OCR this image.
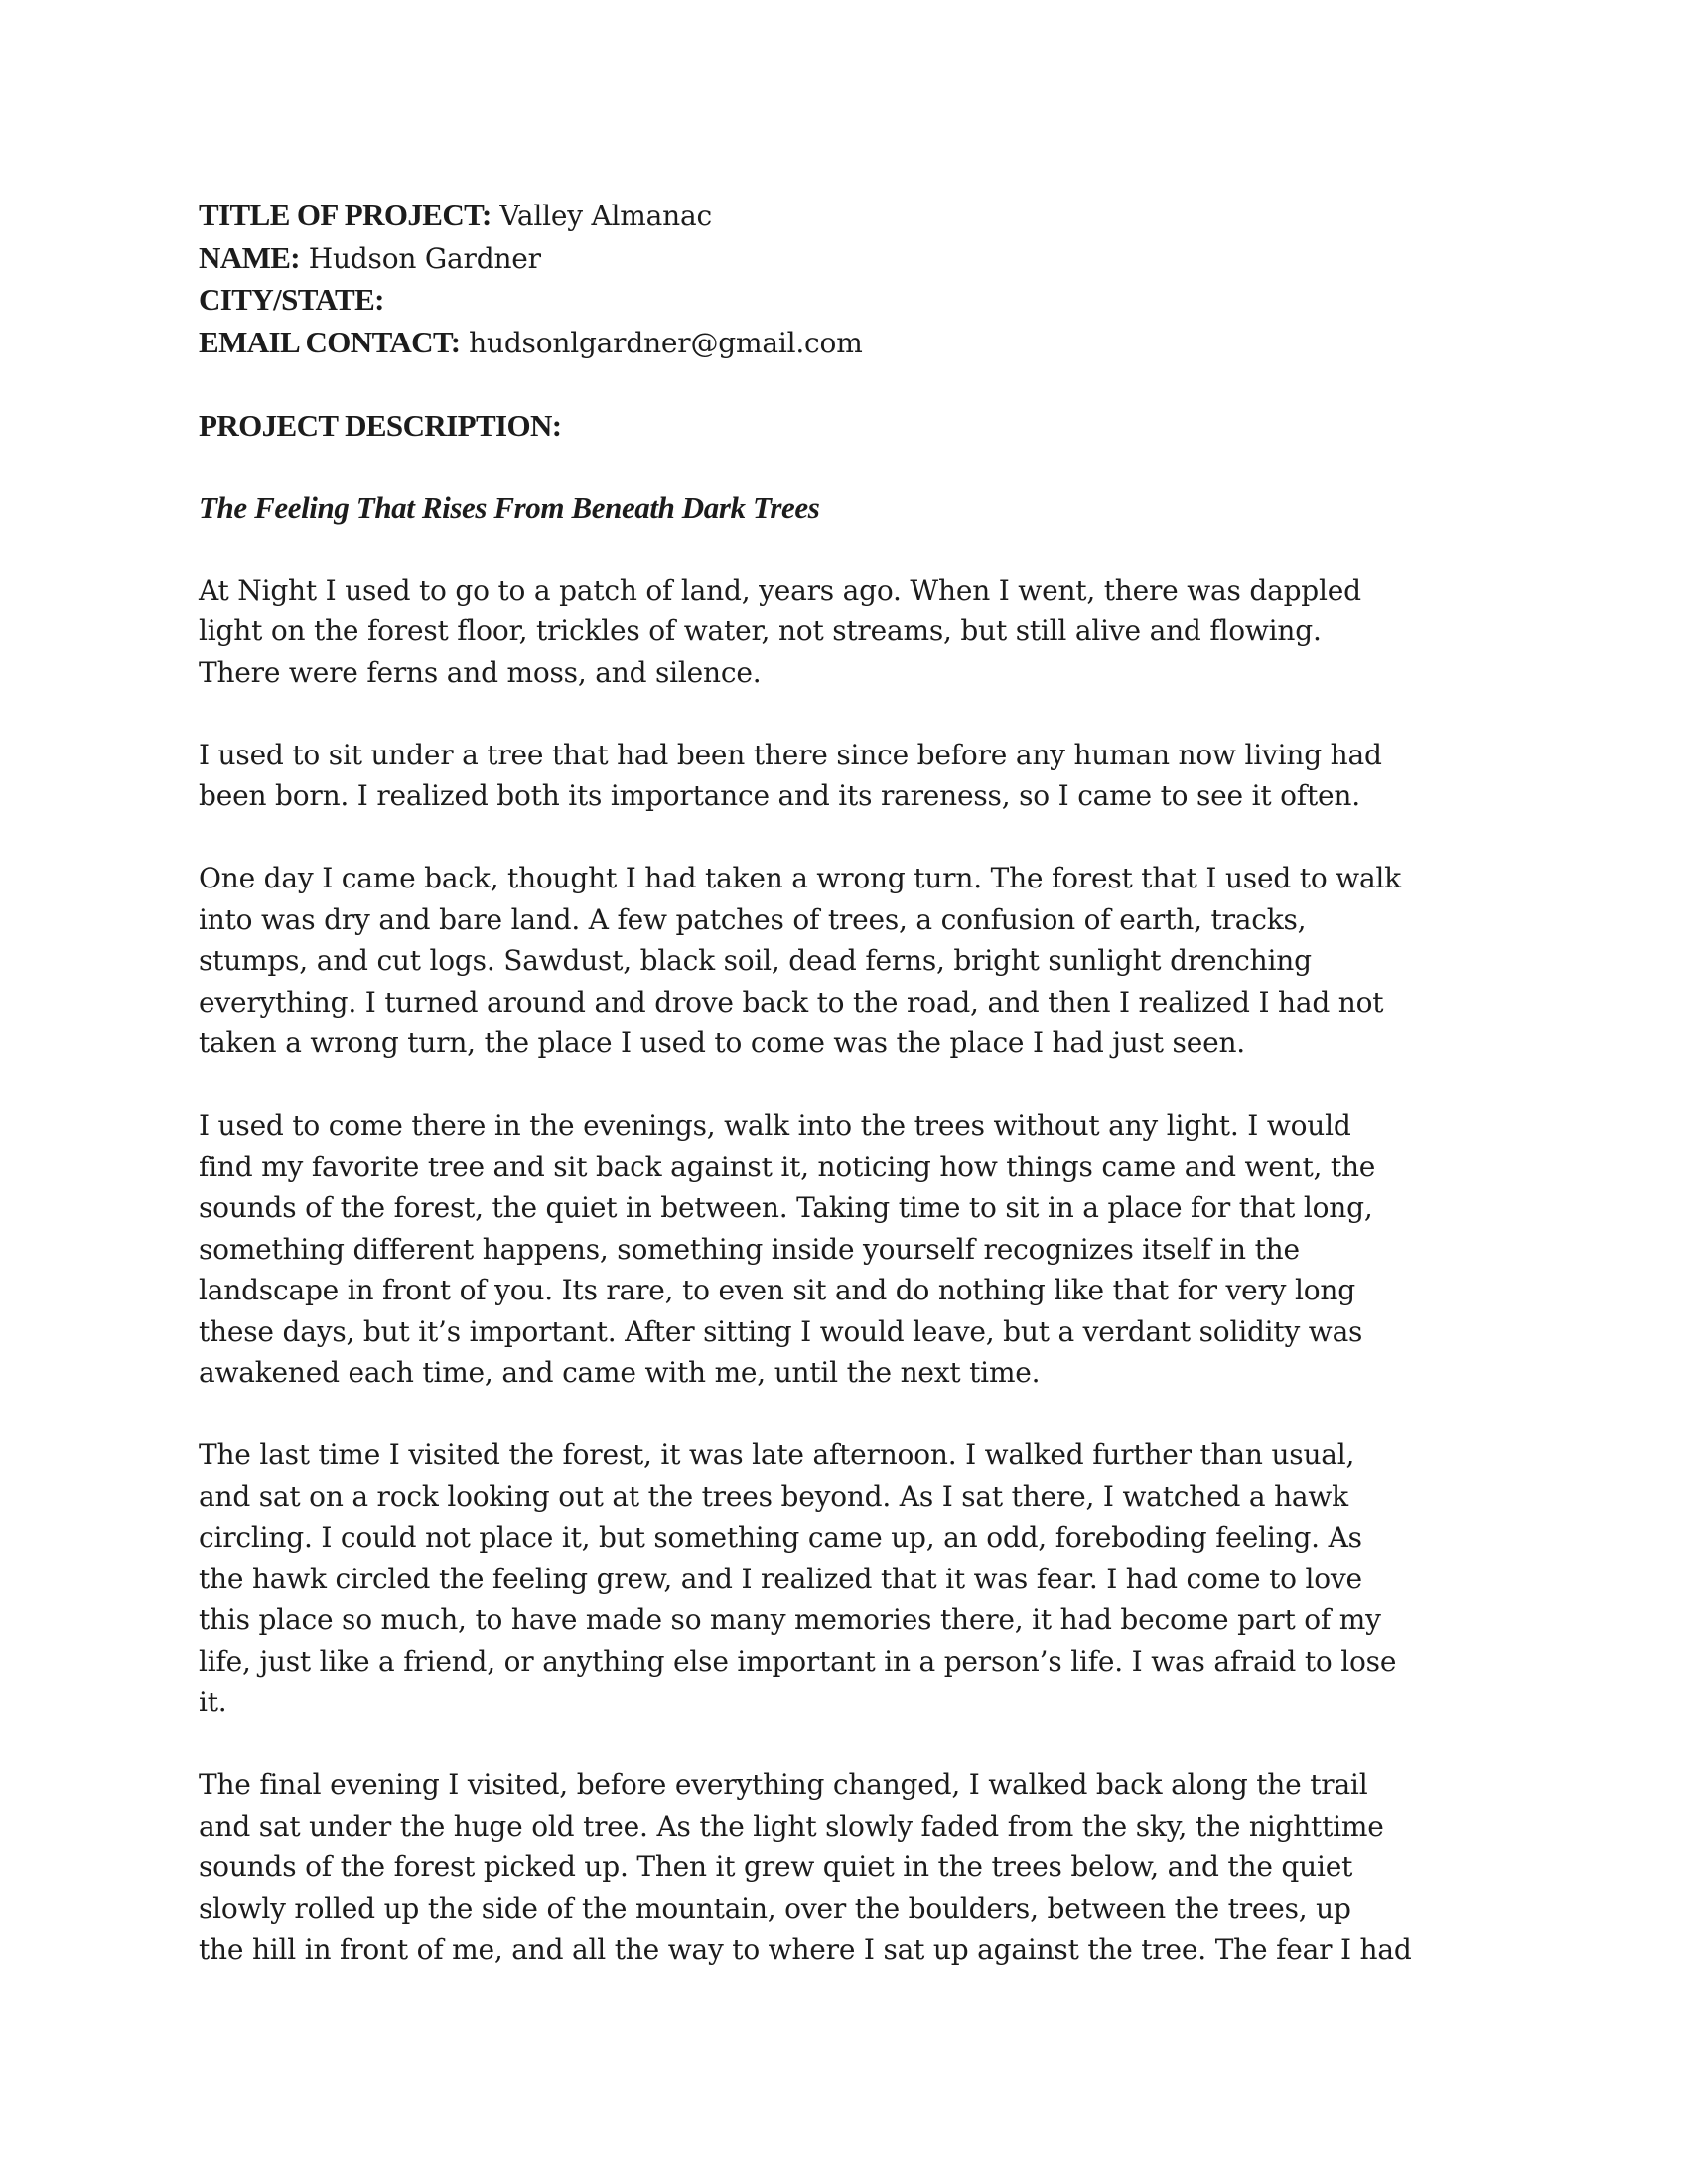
TITLE OF PROJECT: Valley Almanac

NAME: Hudson Gardner

CITY/STATE:

EMAIL CONTACT: hudsonlgardner@gmail.com

PROJECT DESCRIPTION:

The Feeling That Rises From Beneath Dark Trees

At Night I used to go to a patch of land, years ago. When I went, there was dappled
light on the forest floor, trickles of water, not streams, but still alive and flowing.
There were ferns and moss, and silence.

I used to sit under a tree that had been there since before any human now living had
been born. I realized both its importance and its rareness, so I came to see it often.

One day I came back, thought I had taken a wrong turn. The forest that I used to walk
into was dry and bare land. A few patches of trees, a confusion of earth, tracks,
stumps, and cut logs. Sawdust, black soil, dead ferns, bright sunlight drenching
everything. I turned around and drove back to the road, and then I realized I had not
taken a wrong turn, the place I used to come was the place I had just seen.

I used to come there in the evenings, walk into the trees without any light. I would
find my favorite tree and sit back against it, noticing how things came and went, the
sounds of the forest, the quiet in between. Taking time to sit in a place for that long,
something different happens, something inside yourself recognizes itself in the
landscape in front of you. Its rare, to even sit and do nothing like that for very long
these days, but it’s important. After sitting I would leave, but a verdant solidity was
awakened each time, and came with me, until the next time.

The last time I visited the forest, it was late afternoon. I walked further than usual,
and sat on a rock looking out at the trees beyond. As I sat there, I watched a hawk
circling. I could not place it, but something came up, an odd, foreboding feeling. As
the hawk circled the feeling grew, and I realized that it was fear. I had come to love
this place so much, to have made so many memories there, it had become part of my
life, just like a friend, or anything else important in a person’s life. I was afraid to lose
it.

The final evening I visited, before everything changed, I walked back along the trail
and sat under the huge old tree. As the light slowly faded from the sky, the nighttime
sounds of the forest picked up. Then it grew quiet in the trees below, and the quiet
slowly rolled up the side of the mountain, over the boulders, between the trees, up
the hill in front of me, and all the way to where I sat up against the tree. The fear I had
